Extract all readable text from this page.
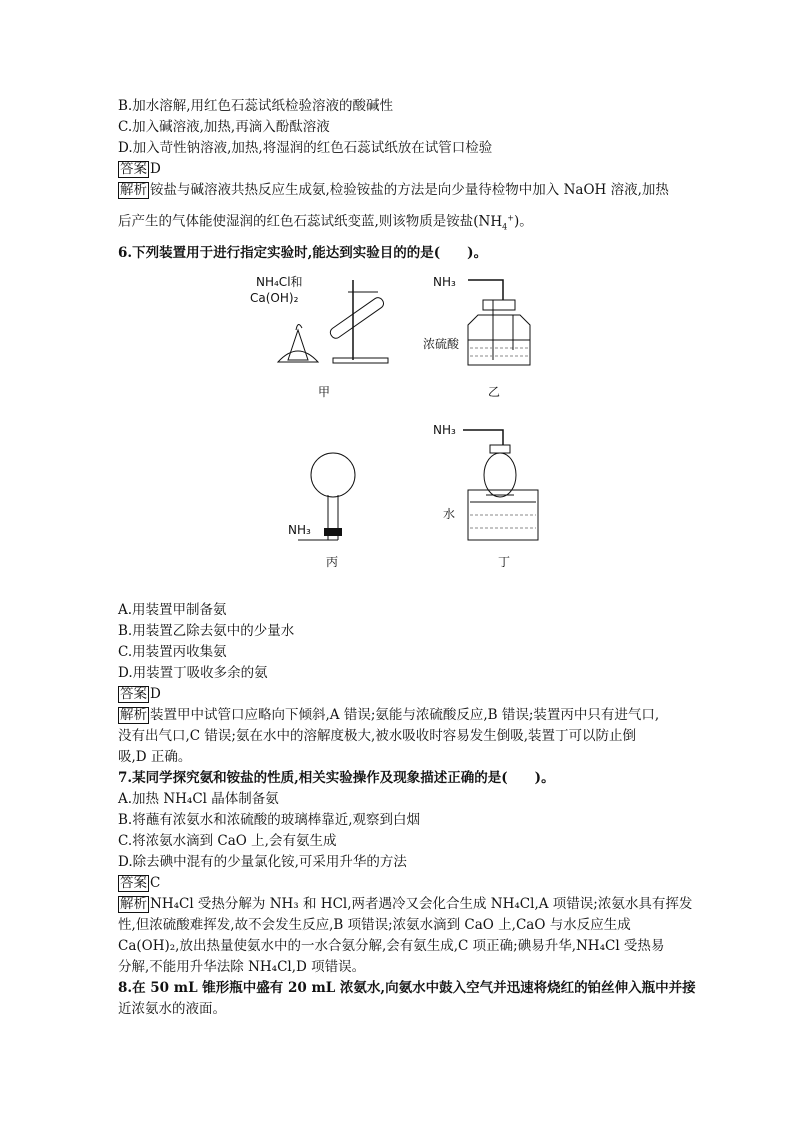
B.加水溶解,用红色石蕊试纸检验溶液的酸碱性
C.加入碱溶液,加热,再滴入酚酞溶液
D.加入苛性钠溶液,加热,将湿润的红色石蕊试纸放在试管口检验
答案 D
解析 铵盐与碱溶液共热反应生成氨,检验铵盐的方法是向少量待检物中加入 NaOH 溶液,加热
后产生的气体能使湿润的红色石蕊试纸变蓝,则该物质是铵盐$(NH_4^+)$。
6.下列装置用于进行指定实验时,能达到实验目的的是(　　)。
NH₄Cl和
Ca(OH)₂
甲
NH₃
浓硫酸
乙
NH₃
丙
NH₃
水
丁
A.用装置甲制备氨
B.用装置乙除去氨中的少量水
C.用装置丙收集氨
D.用装置丁吸收多余的氨
答案 D
解析 装置甲中试管口应略向下倾斜,A 错误;氨能与浓硫酸反应,B 错误;装置丙中只有进气口,
没有出气口,C 错误;氨在水中的溶解度极大,被水吸收时容易发生倒吸,装置丁可以防止倒
吸,D 正确。
7.某同学探究氨和铵盐的性质,相关实验操作及现象描述正确的是(　　)。
A.加热 NH₄Cl 晶体制备氨
B.将蘸有浓氨水和浓硫酸的玻璃棒靠近,观察到白烟
C.将浓氨水滴到 CaO 上,会有氨生成
D.除去碘中混有的少量氯化铵,可采用升华的方法
答案 C
解析 NH₄Cl 受热分解为 NH₃ 和 HCl,两者遇冷又会化合生成 NH₄Cl,A 项错误;浓氨水具有挥发
性,但浓硫酸难挥发,故不会发生反应,B 项错误;浓氨水滴到 CaO 上,CaO 与水反应生成
Ca(OH)₂,放出热量使氨水中的一水合氨分解,会有氨生成,C 项正确;碘易升华,NH₄Cl 受热易
分解,不能用升华法除 NH₄Cl,D 项错误。
8.在 50 mL 锥形瓶中盛有 20 mL 浓氨水,向氨水中鼓入空气并迅速将烧红的铂丝伸入瓶中并接
近浓氨水的液面。
